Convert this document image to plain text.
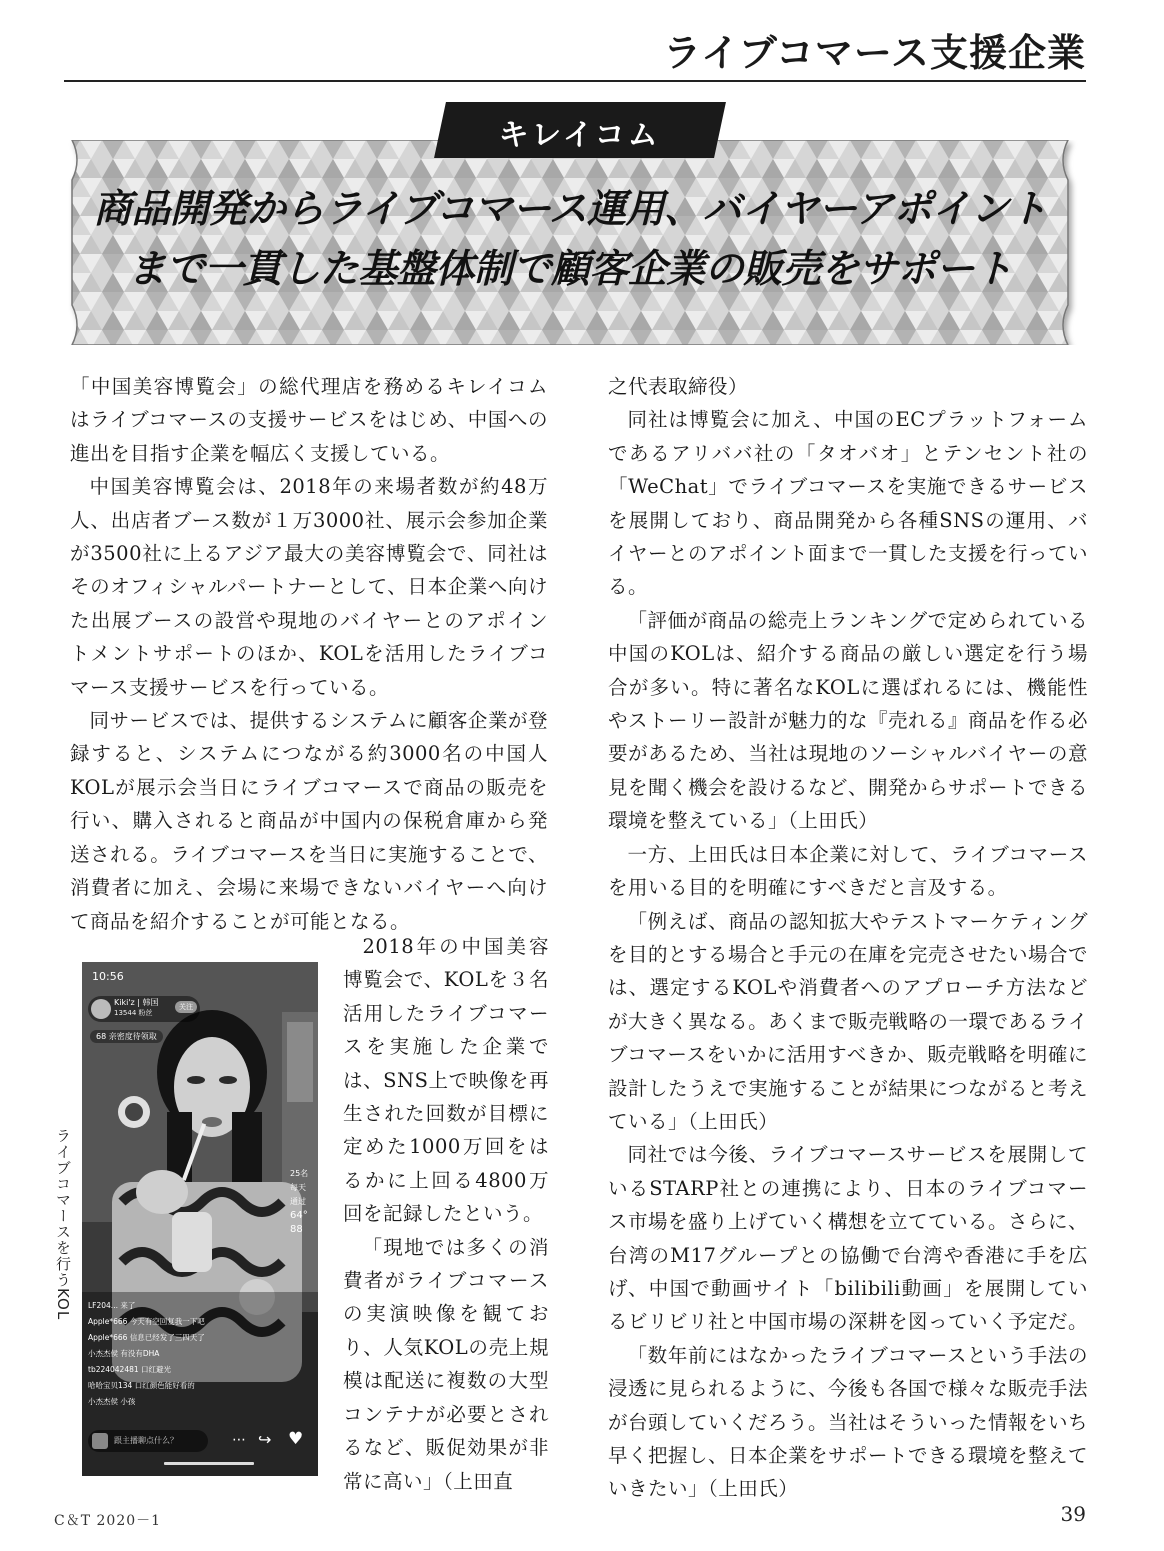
ライブコマース支援企業
キレイコム
商品開発からライブコマース運用、バイヤーアポイント
まで一貫した基盤体制で顧客企業の販売をサポート

「中国美容博覧会」の総代理店を務めるキレイコムはライブコマースの支援サービスをはじめ、中国への進出を目指す企業を幅広く支援している。

中国美容博覧会は、2018年の来場者数が約48万人、出店者ブース数が１万3000社、展示会参加企業が3500社に上るアジア最大の美容博覧会で、同社はそのオフィシャルパートナーとして、日本企業へ向けた出展ブースの設営や現地のバイヤーとのアポイントメントサポートのほか、KOLを活用したライブコマース支援サービスを行っている。

同サービスでは、提供するシステムに顧客企業が登録すると、システムにつながる約3000名の中国人KOLが展示会当日にライブコマースで商品の販売を行い、購入されると商品が中国内の保税倉庫から発送される。ライブコマースを当日に実施することで、消費者に加え、会場に来場できないバイヤーへ向けて商品を紹介することが可能となる。

2018年の中国美容博覧会で、KOLを３名活用したライブコマースを実施した企業では、SNS上で映像を再生された回数が目標に定めた1000万回をはるかに上回る4800万回を記録したという。

「現地では多くの消費者がライブコマースの実演映像を観ており、人気KOLの売上規模は配送に複数の大型コンテナが必要とされるなど、販促効果が非常に高い」（上田直

之代表取締役）

同社は博覧会に加え、中国のECプラットフォームであるアリババ社の「タオバオ」とテンセント社の「WeChat」でライブコマースを実施できるサービスを展開しており、商品開発から各種SNSの運用、バイヤーとのアポイント面まで一貫した支援を行っている。

「評価が商品の総売上ランキングで定められている中国のKOLは、紹介する商品の厳しい選定を行う場合が多い。特に著名なKOLに選ばれるには、機能性やストーリー設計が魅力的な『売れる』商品を作る必要があるため、当社は現地のソーシャルバイヤーの意見を聞く機会を設けるなど、開発からサポートできる環境を整えている」（上田氏）

一方、上田氏は日本企業に対して、ライブコマースを用いる目的を明確にすべきだと言及する。

「例えば、商品の認知拡大やテストマーケティングを目的とする場合と手元の在庫を完売させたい場合では、選定するKOLや消費者へのアプローチ方法などが大きく異なる。あくまで販売戦略の一環であるライブコマースをいかに活用すべきか、販売戦略を明確に設計したうえで実施することが結果につながると考えている」（上田氏）

同社では今後、ライブコマースサービスを展開しているSTARP社との連携により、日本のライブコマース市場を盛り上げていく構想を立てている。さらに、台湾のM17グループとの協働で台湾や香港に手を広げ、中国で動画サイト「bilibili動画」を展開しているビリビリ社と中国市場の深耕を図っていく予定だ。

「数年前にはなかったライブコマースという手法の浸透に見られるように、今後も各国で様々な販売手法が台頭していくだろう。当社はそういった情報をいち早く把握し、日本企業をサポートできる環境を整えていきたい」（上田氏）

ライブコマースを行うKOL
10:56
Kiki'z | 韩国
13544 粉丝
关注
68 亲密度待领取
25名
每天
通过
64°
88
LF204... 来了
Apple*666 今天有空回复我一下吧
Apple*666 信息已经发了三四天了
小杰杰侯 有没有DHA
tb224042481 口红避光
哈哈宝贝134 口红颜色能好看的
小杰杰侯 小孩
跟主播聊点什么？	⋯ ↪ ♥
C＆T 2020－1	39
